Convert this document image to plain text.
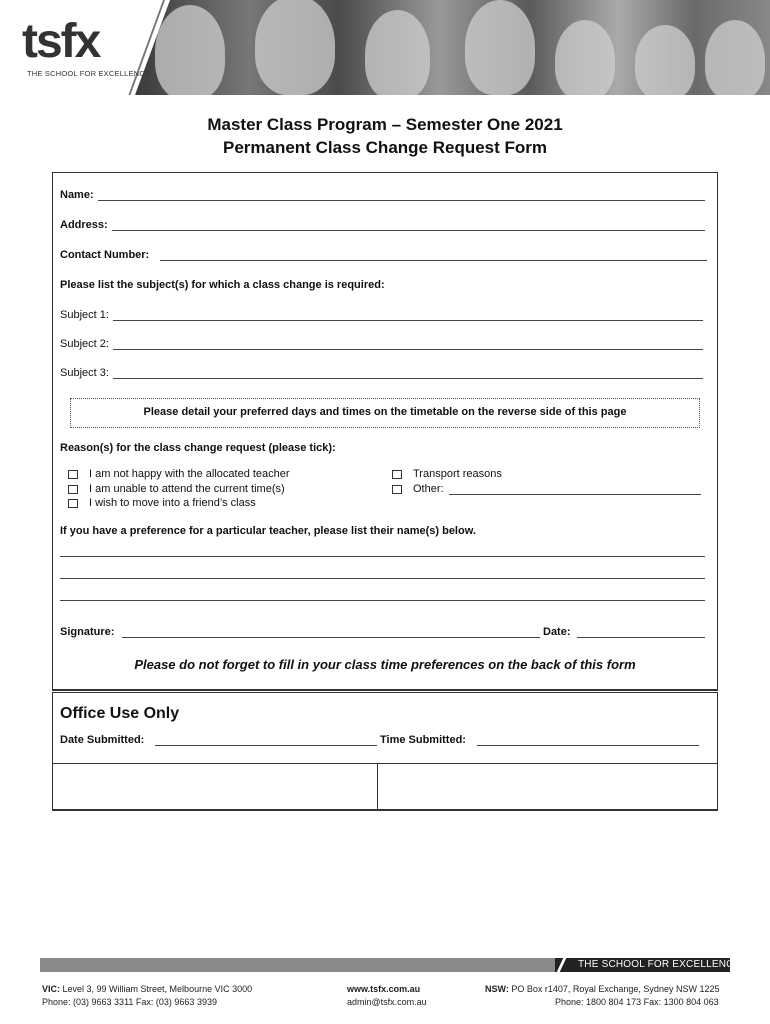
tsfx
THE SCHOOL FOR EXCELLENCE
Master Class Program – Semester One 2021
Permanent Class Change Request Form
Name:
Address:
Contact Number:
Please list the subject(s) for which a class change is required:
Subject 1:
Subject 2:
Subject 3:
Please detail your preferred days and times on the timetable on the reverse side of this page
Reason(s) for the class change request (please tick):
I am not happy with the allocated teacher
I am unable to attend the current time(s)
I wish to move into a friend’s class
Transport reasons
Other:
If you have a preference for a particular teacher, please list their name(s) below.
Signature:	Date:
Please do not forget to fill in your class time preferences on the back of this form
Office Use Only
Date Submitted:	Time Submitted:
THE SCHOOL FOR EXCELLENCE
VIC: Level 3, 99 William Street, Melbourne VIC 3000
Phone: (03) 9663 3311 Fax: (03) 9663 3939
www.tsfx.com.au
admin@tsfx.com.au
NSW: PO Box r1407, Royal Exchange, Sydney NSW 1225
Phone: 1800 804 173 Fax: 1300 804 063
